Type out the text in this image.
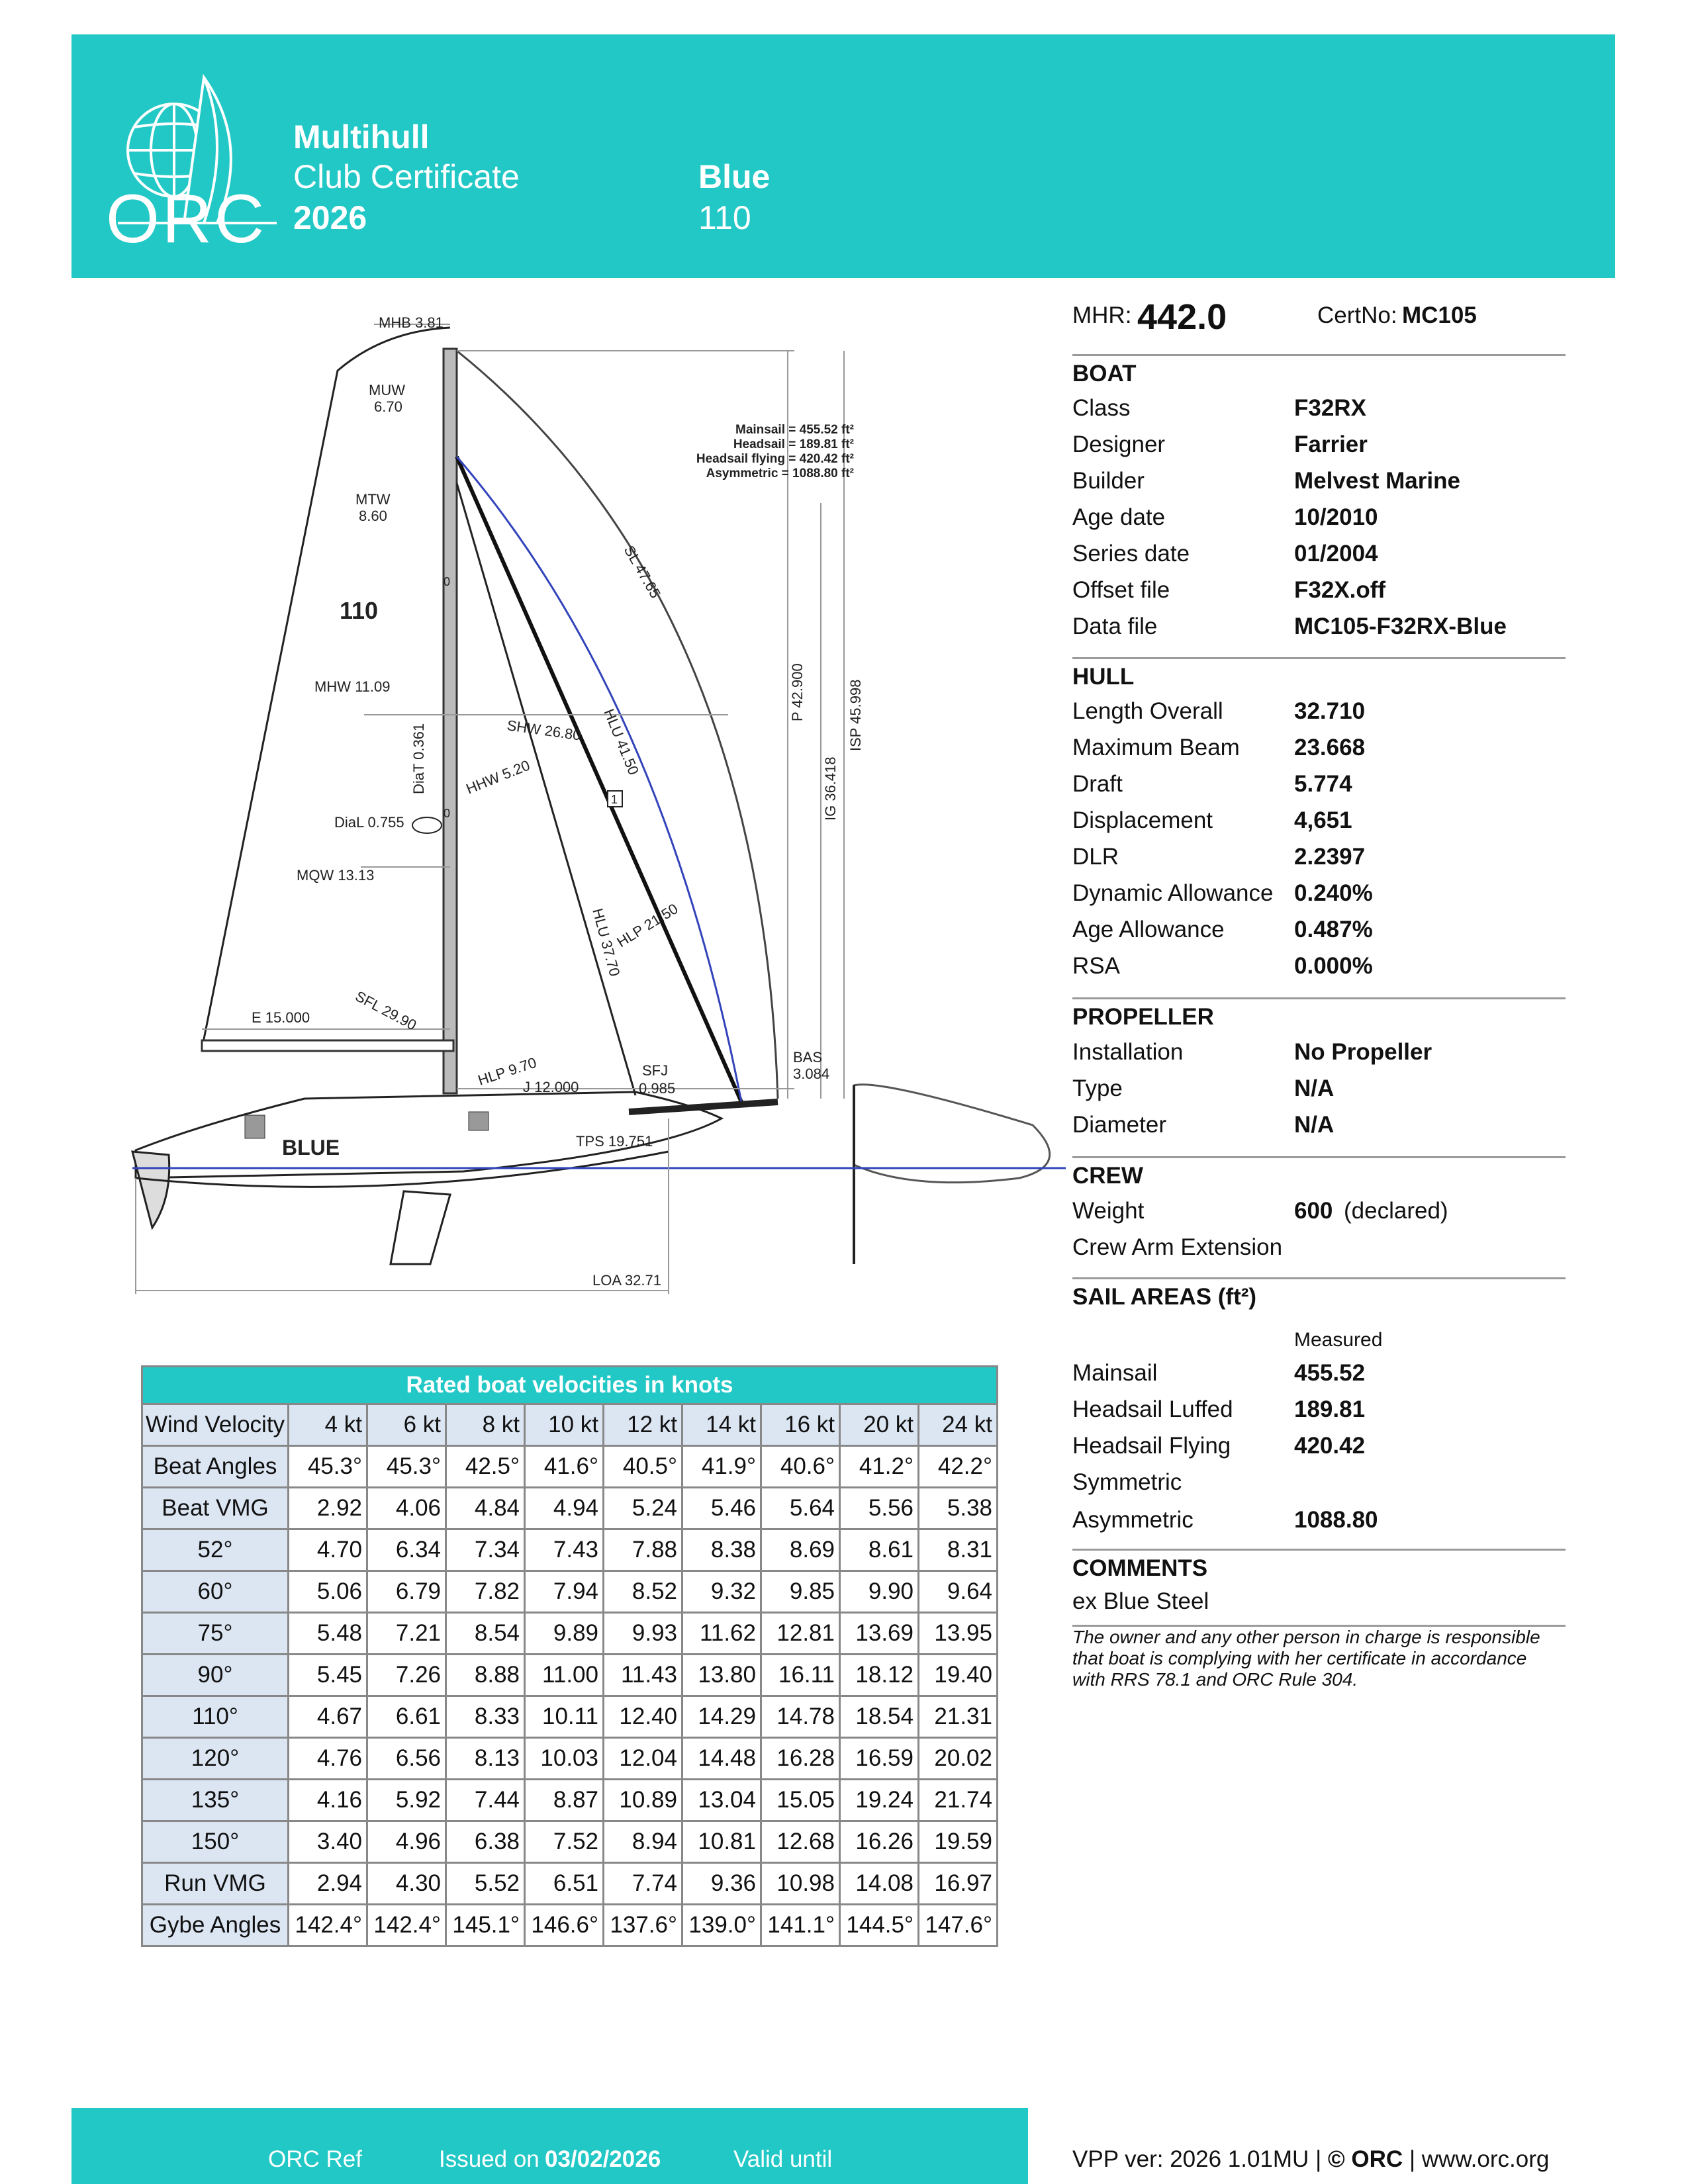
ORC
Multihull
Club Certificate
2026
Blue
110
MHB 3.81
MUW
6.70
MTW
8.60
110
MHW 11.09
DiaL 0.755
MQW 13.13
E 15.000	SFL 29.90
SHW 26.80
HHW 5.20	HLU 41.50
HLU 37.70
HLP 21.50
HLP 9.70
J 12.000
SFJ
0.985
SL 47.65
P 42.900
IG 36.418
ISP 45.998
BAS
3.084
TPS 19.751
LOA 32.71
DiaT 0.361
BLUE
1
0
0
Mainsail = 455.52 ft²
Headsail = 189.81 ft²
Headsail flying = 420.42 ft²
Asymmetric = 1088.80 ft²
MHR: 442.0	CertNo: MC105
BOAT
Class	F32RX
Designer	Farrier
Builder	Melvest Marine
Age date	10/2010
Series date	01/2004
Offset file	F32X.off
Data file	MC105-F32RX-Blue
HULL
Length Overall	32.710
Maximum Beam 23.668
Draft	5.774
Displacement	4,651
DLR	2.2397
Dynamic Allowance 0.240%
Age Allowance	0.487%
RSA	0.000%
PROPELLER
Installation	No Propeller
Type	N/A
Diameter	N/A
CREW
Weight	600 (declared)
Crew Arm Extension
SAIL AREAS (ft²)
Measured
Mainsail	455.52
Headsail Luffed	189.81
Headsail Flying	420.42
Symmetric
Asymmetric	1088.80
COMMENTS
ex Blue Steel
The owner and any other person in charge is responsible
that boat is complying with her certificate in accordance
with RRS 78.1 and ORC Rule 304.
Rated boat velocities in knots									
Wind Velocity	4 kt	6 kt	8 kt	10 kt	12 kt	14 kt	16 kt	20 kt	24 kt
Beat Angles	45.3°	45.3°	42.5°	41.6°	40.5°	41.9°	40.6°	41.2°	42.2°
Beat VMG	2.92	4.06	4.84	4.94	5.24	5.46	5.64	5.56	5.38
52°	4.70	6.34	7.34	7.43	7.88	8.38	8.69	8.61	8.31
60°	5.06	6.79	7.82	7.94	8.52	9.32	9.85	9.90	9.64
75°	5.48	7.21	8.54	9.89	9.93	11.62	12.81	13.69	13.95
90°	5.45	7.26	8.88	11.00	11.43	13.80	16.11	18.12	19.40
110°	4.67	6.61	8.33	10.11	12.40	14.29	14.78	18.54	21.31
120°	4.76	6.56	8.13	10.03	12.04	14.48	16.28	16.59	20.02
135°	4.16	5.92	7.44	8.87	10.89	13.04	15.05	19.24	21.74
150°	3.40	4.96	6.38	7.52	8.94	10.81	12.68	16.26	19.59
Run VMG	2.94	4.30	5.52	6.51	7.74	9.36	10.98	14.08	16.97
Gybe Angles	142.4°	142.4°	145.1°	146.6°	137.6°	139.0°	141.1°	144.5°	147.6°
ORC Ref	Issued on 03/02/2026	Valid until	VPP ver: 2026 1.01MU | © ORC | www.orc.org
